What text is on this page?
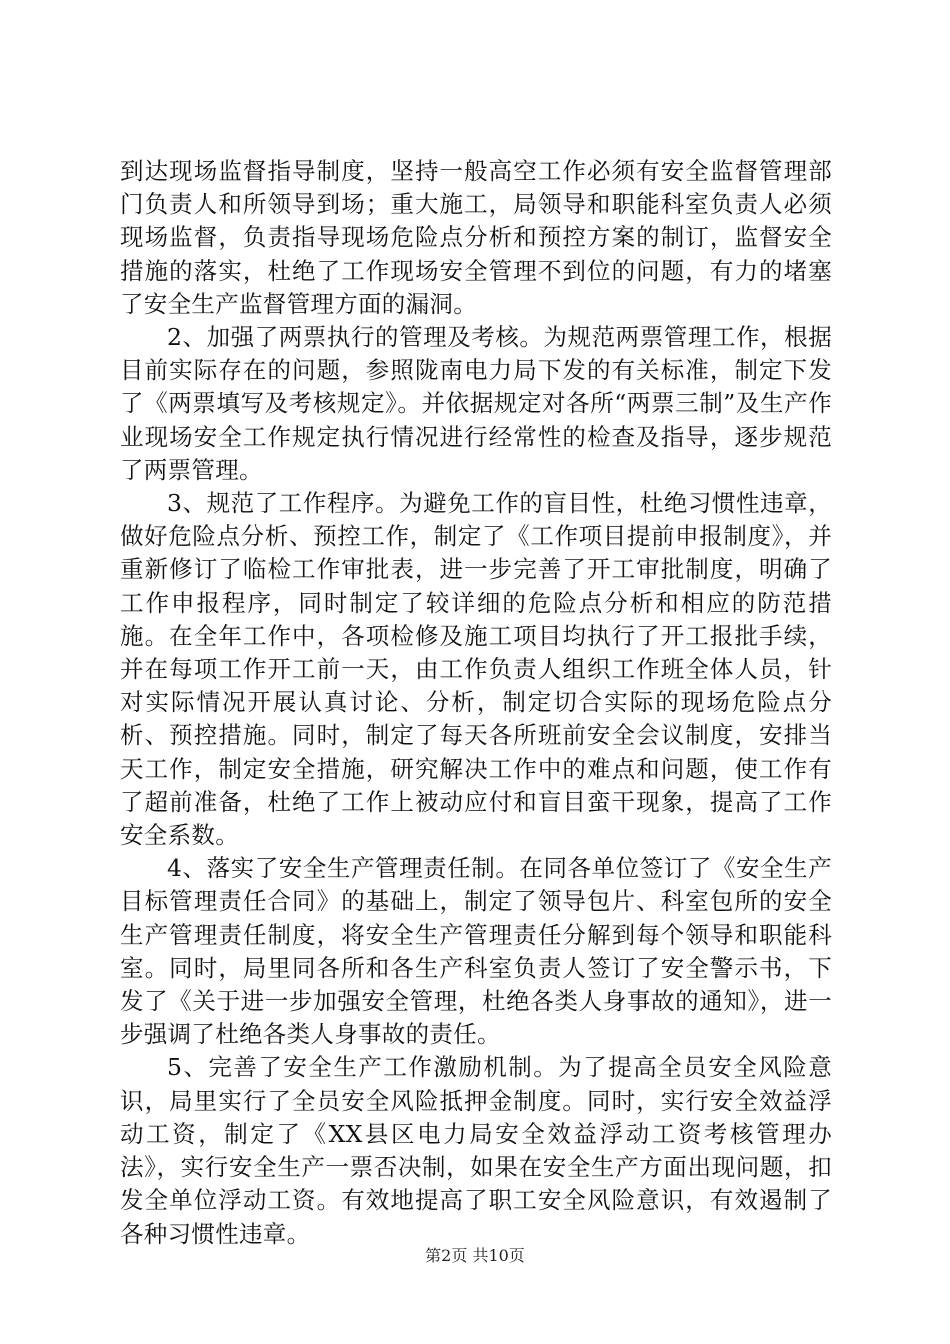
到达现场监督指导制度，坚持一般高空工作必须有安全监督管理部门负责人和所领导到场；重大施工，局领导和职能科室负责人必须现场监督，负责指导现场危险点分析和预控方案的制订，监督安全措施的落实，杜绝了工作现场安全管理不到位的问题，有力的堵塞了安全生产监督管理方面的漏洞。

2、加强了两票执行的管理及考核。为规范两票管理工作，根据目前实际存在的问题，参照陇南电力局下发的有关标准，制定下发了《两票填写及考核规定》。并依据规定对各所“两票三制”及生产作业现场安全工作规定执行情况进行经常性的检查及指导，逐步规范了两票管理。

3、规范了工作程序。为避免工作的盲目性，杜绝习惯性违章，做好危险点分析、预控工作，制定了《工作项目提前申报制度》，并重新修订了临检工作审批表，进一步完善了开工审批制度，明确了工作申报程序，同时制定了较详细的危险点分析和相应的防范措施。在全年工作中，各项检修及施工项目均执行了开工报批手续，并在每项工作开工前一天，由工作负责人组织工作班全体人员，针对实际情况开展认真讨论、分析，制定切合实际的现场危险点分析、预控措施。同时，制定了每天各所班前安全会议制度，安排当天工作，制定安全措施，研究解决工作中的难点和问题，使工作有了超前准备，杜绝了工作上被动应付和盲目蛮干现象，提高了工作安全系数。

4、落实了安全生产管理责任制。在同各单位签订了《安全生产目标管理责任合同》的基础上，制定了领导包片、科室包所的安全生产管理责任制度，将安全生产管理责任分解到每个领导和职能科室。同时，局里同各所和各生产科室负责人签订了安全警示书，下发了《关于进一步加强安全管理，杜绝各类人身事故的通知》，进一步强调了杜绝各类人身事故的责任。

5、完善了安全生产工作激励机制。为了提高全员安全风险意识，局里实行了全员安全风险抵押金制度。同时，实行安全效益浮动工资，制定了《XX县区电力局安全效益浮动工资考核管理办法》，实行安全生产一票否决制，如果在安全生产方面出现问题，扣发全单位浮动工资。有效地提高了职工安全风险意识，有效遏制了各种习惯性违章。

第2页 共10页
